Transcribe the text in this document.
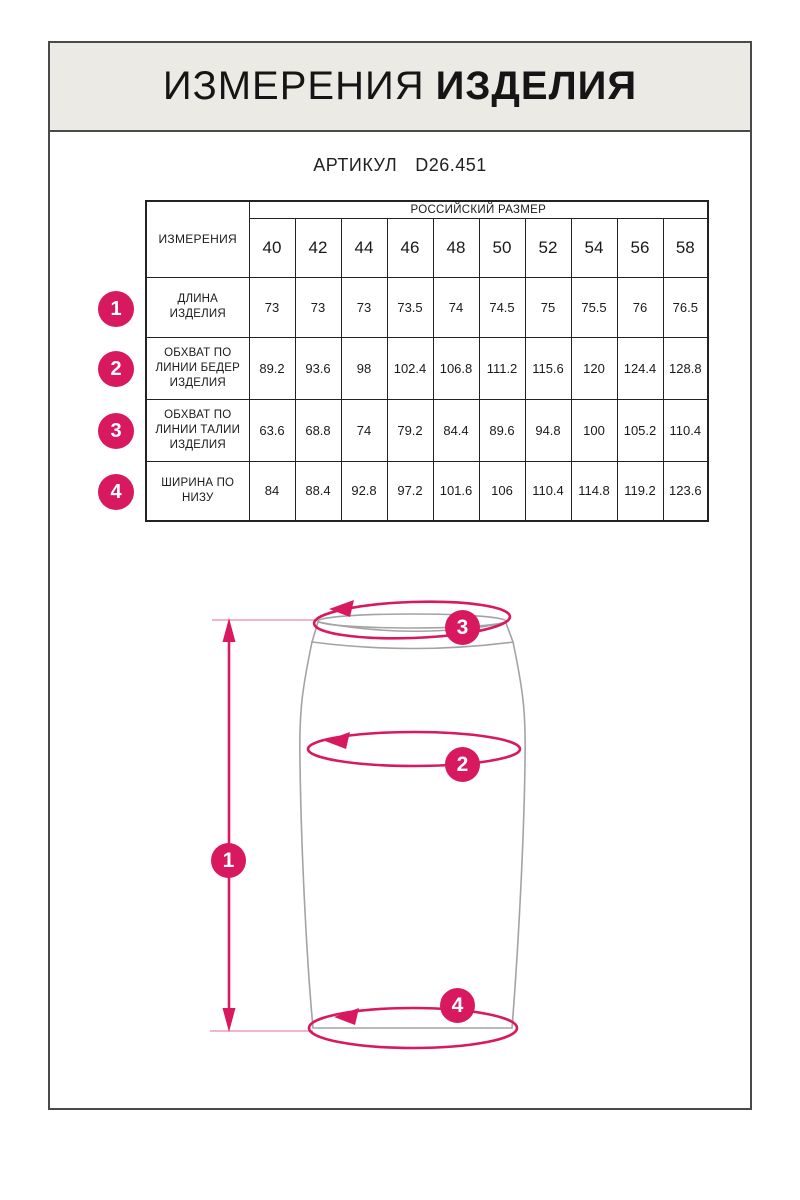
ИЗМЕРЕНИЯ ИЗДЕЛИЯ
АРТИКУЛ D26.451
ИЗМЕРЕНИЯ	РОССИЙСКИЙ РАЗМЕР									
	40	42	44	46	48	50	52	54	56	58
ДЛИНА ИЗДЕЛИЯ	73	73	73	73.5	74	74.5	75	75.5	76	76.5
ОБХВАТ ПО ЛИНИИ БЕДЕР ИЗДЕЛИЯ	89.2	93.6	98	102.4	106.8	111.2	115.6	120	124.4	128.8
ОБХВАТ ПО ЛИНИИ ТАЛИИ ИЗДЕЛИЯ	63.6	68.8	74	79.2	84.4	89.6	94.8	100	105.2	110.4
ШИРИНА ПО НИЗУ	84	88.4	92.8	97.2	101.6	106	110.4	114.8	119.2	123.6
1
2
3
4
1
2
3
4
